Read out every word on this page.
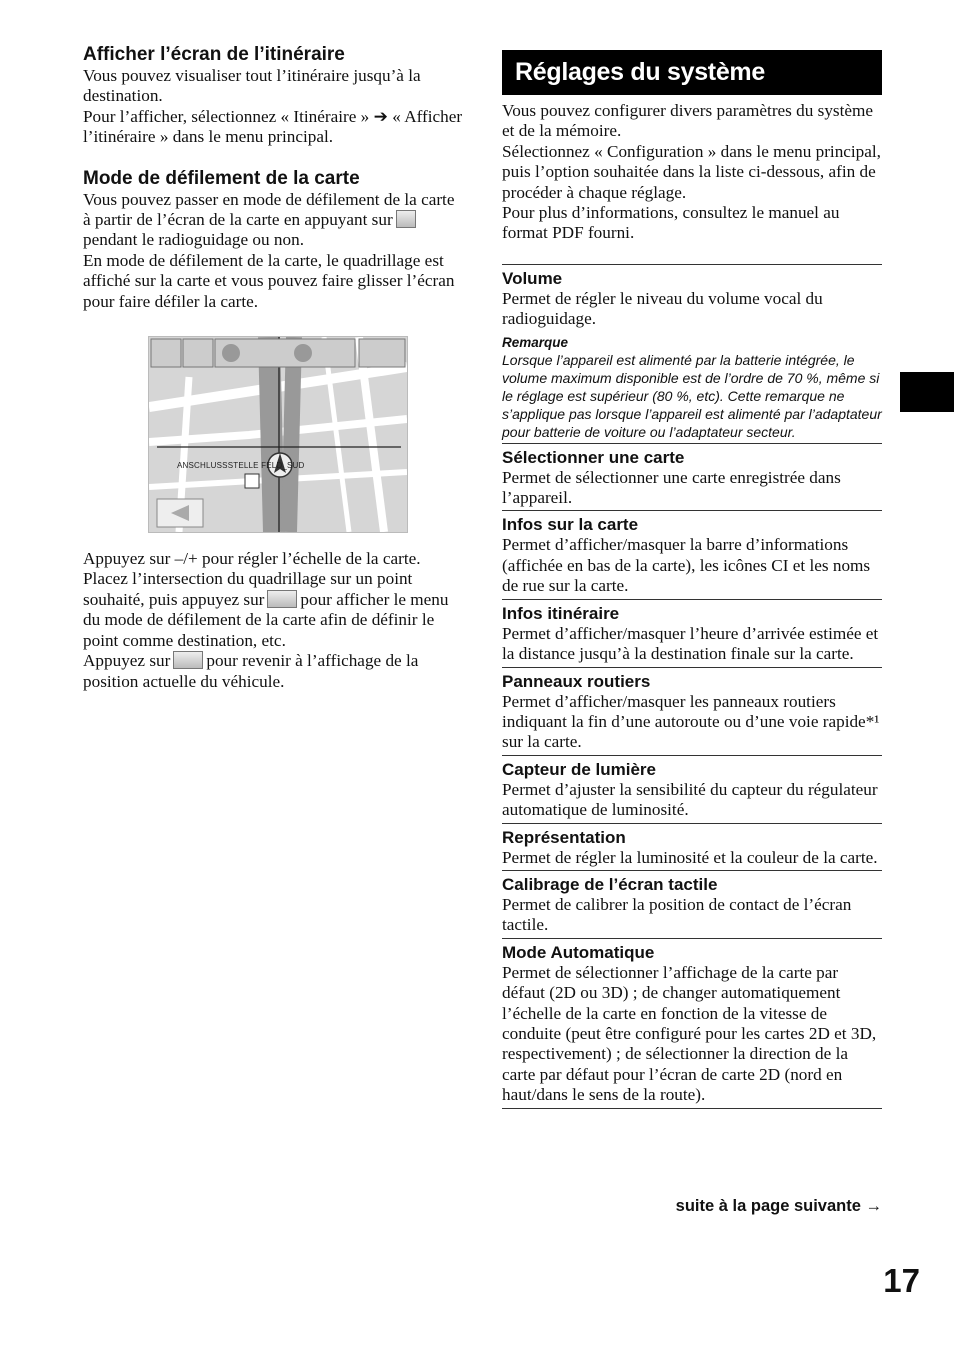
Afficher l’écran de l’itinéraire

Vous pouvez visualiser tout l’itinéraire jusqu’à la destination.

Pour l’afficher, sélectionnez « Itinéraire » ➔ « Afficher l’itinéraire » dans le menu principal.

Mode de défilement de la carte

Vous pouvez passer en mode de défilement de la carte à partir de l’écran de la carte en appuyant surpendant le radioguidage ou non.

En mode de défilement de la carte, le quadrillage est affiché sur la carte et vous pouvez faire glisser l’écran pour faire défiler la carte.

ANSCHLUSSSTELLE FELD_SUD

Appuyez sur –/+ pour régler l’échelle de la carte.

Placez l’intersection du quadrillage sur un point souhaité, puis appuyez sur pour afficher le menu du mode de défilement de la carte afin de définir le point comme destination, etc.

Appuyez sur pour revenir à l’affichage de la position actuelle du véhicule.

Réglages du système

Vous pouvez configurer divers paramètres du système et de la mémoire.

Sélectionnez « Configuration » dans le menu principal, puis l’option souhaitée dans la liste ci-dessous, afin de procéder à chaque réglage.

Pour plus d’informations, consultez le manuel au format PDF fourni.

Volume

Permet de régler le niveau du volume vocal du radioguidage.

Remarque

Lorsque l’appareil est alimenté par la batterie intégrée, le volume maximum disponible est de l’ordre de 70 %, même si le réglage est supérieur (80 %, etc). Cette remarque ne s’applique pas lorsque l’appareil est alimenté par l’adaptateur pour batterie de voiture ou l’adaptateur secteur.

Sélectionner une carte

Permet de sélectionner une carte enregistrée dans l’appareil.

Infos sur la carte

Permet d’afficher/masquer la barre d’informations (affichée en bas de la carte), les icônes CI et les noms de rue sur la carte.

Infos itinéraire

Permet d’afficher/masquer l’heure d’arrivée estimée et la distance jusqu’à la destination finale sur la carte.

Panneaux routiers

Permet d’afficher/masquer les panneaux routiers indiquant la fin d’une autoroute ou d’une voie rapide*¹ sur la carte.

Capteur de lumière

Permet d’ajuster la sensibilité du capteur du régulateur automatique de luminosité.

Représentation

Permet de régler la luminosité et la couleur de la carte.

Calibrage de l’écran tactile

Permet de calibrer la position de contact de l’écran tactile.

Mode Automatique

Permet de sélectionner l’affichage de la carte par défaut (2D ou 3D) ; de changer automatiquement l’échelle de la carte en fonction de la vitesse de conduite (peut être configuré pour les cartes 2D et 3D, respectivement) ; de sélectionner la direction de la carte par défaut pour l’écran de carte 2D (nord en haut/dans le sens de la route).

suite à la page suivante →
17
